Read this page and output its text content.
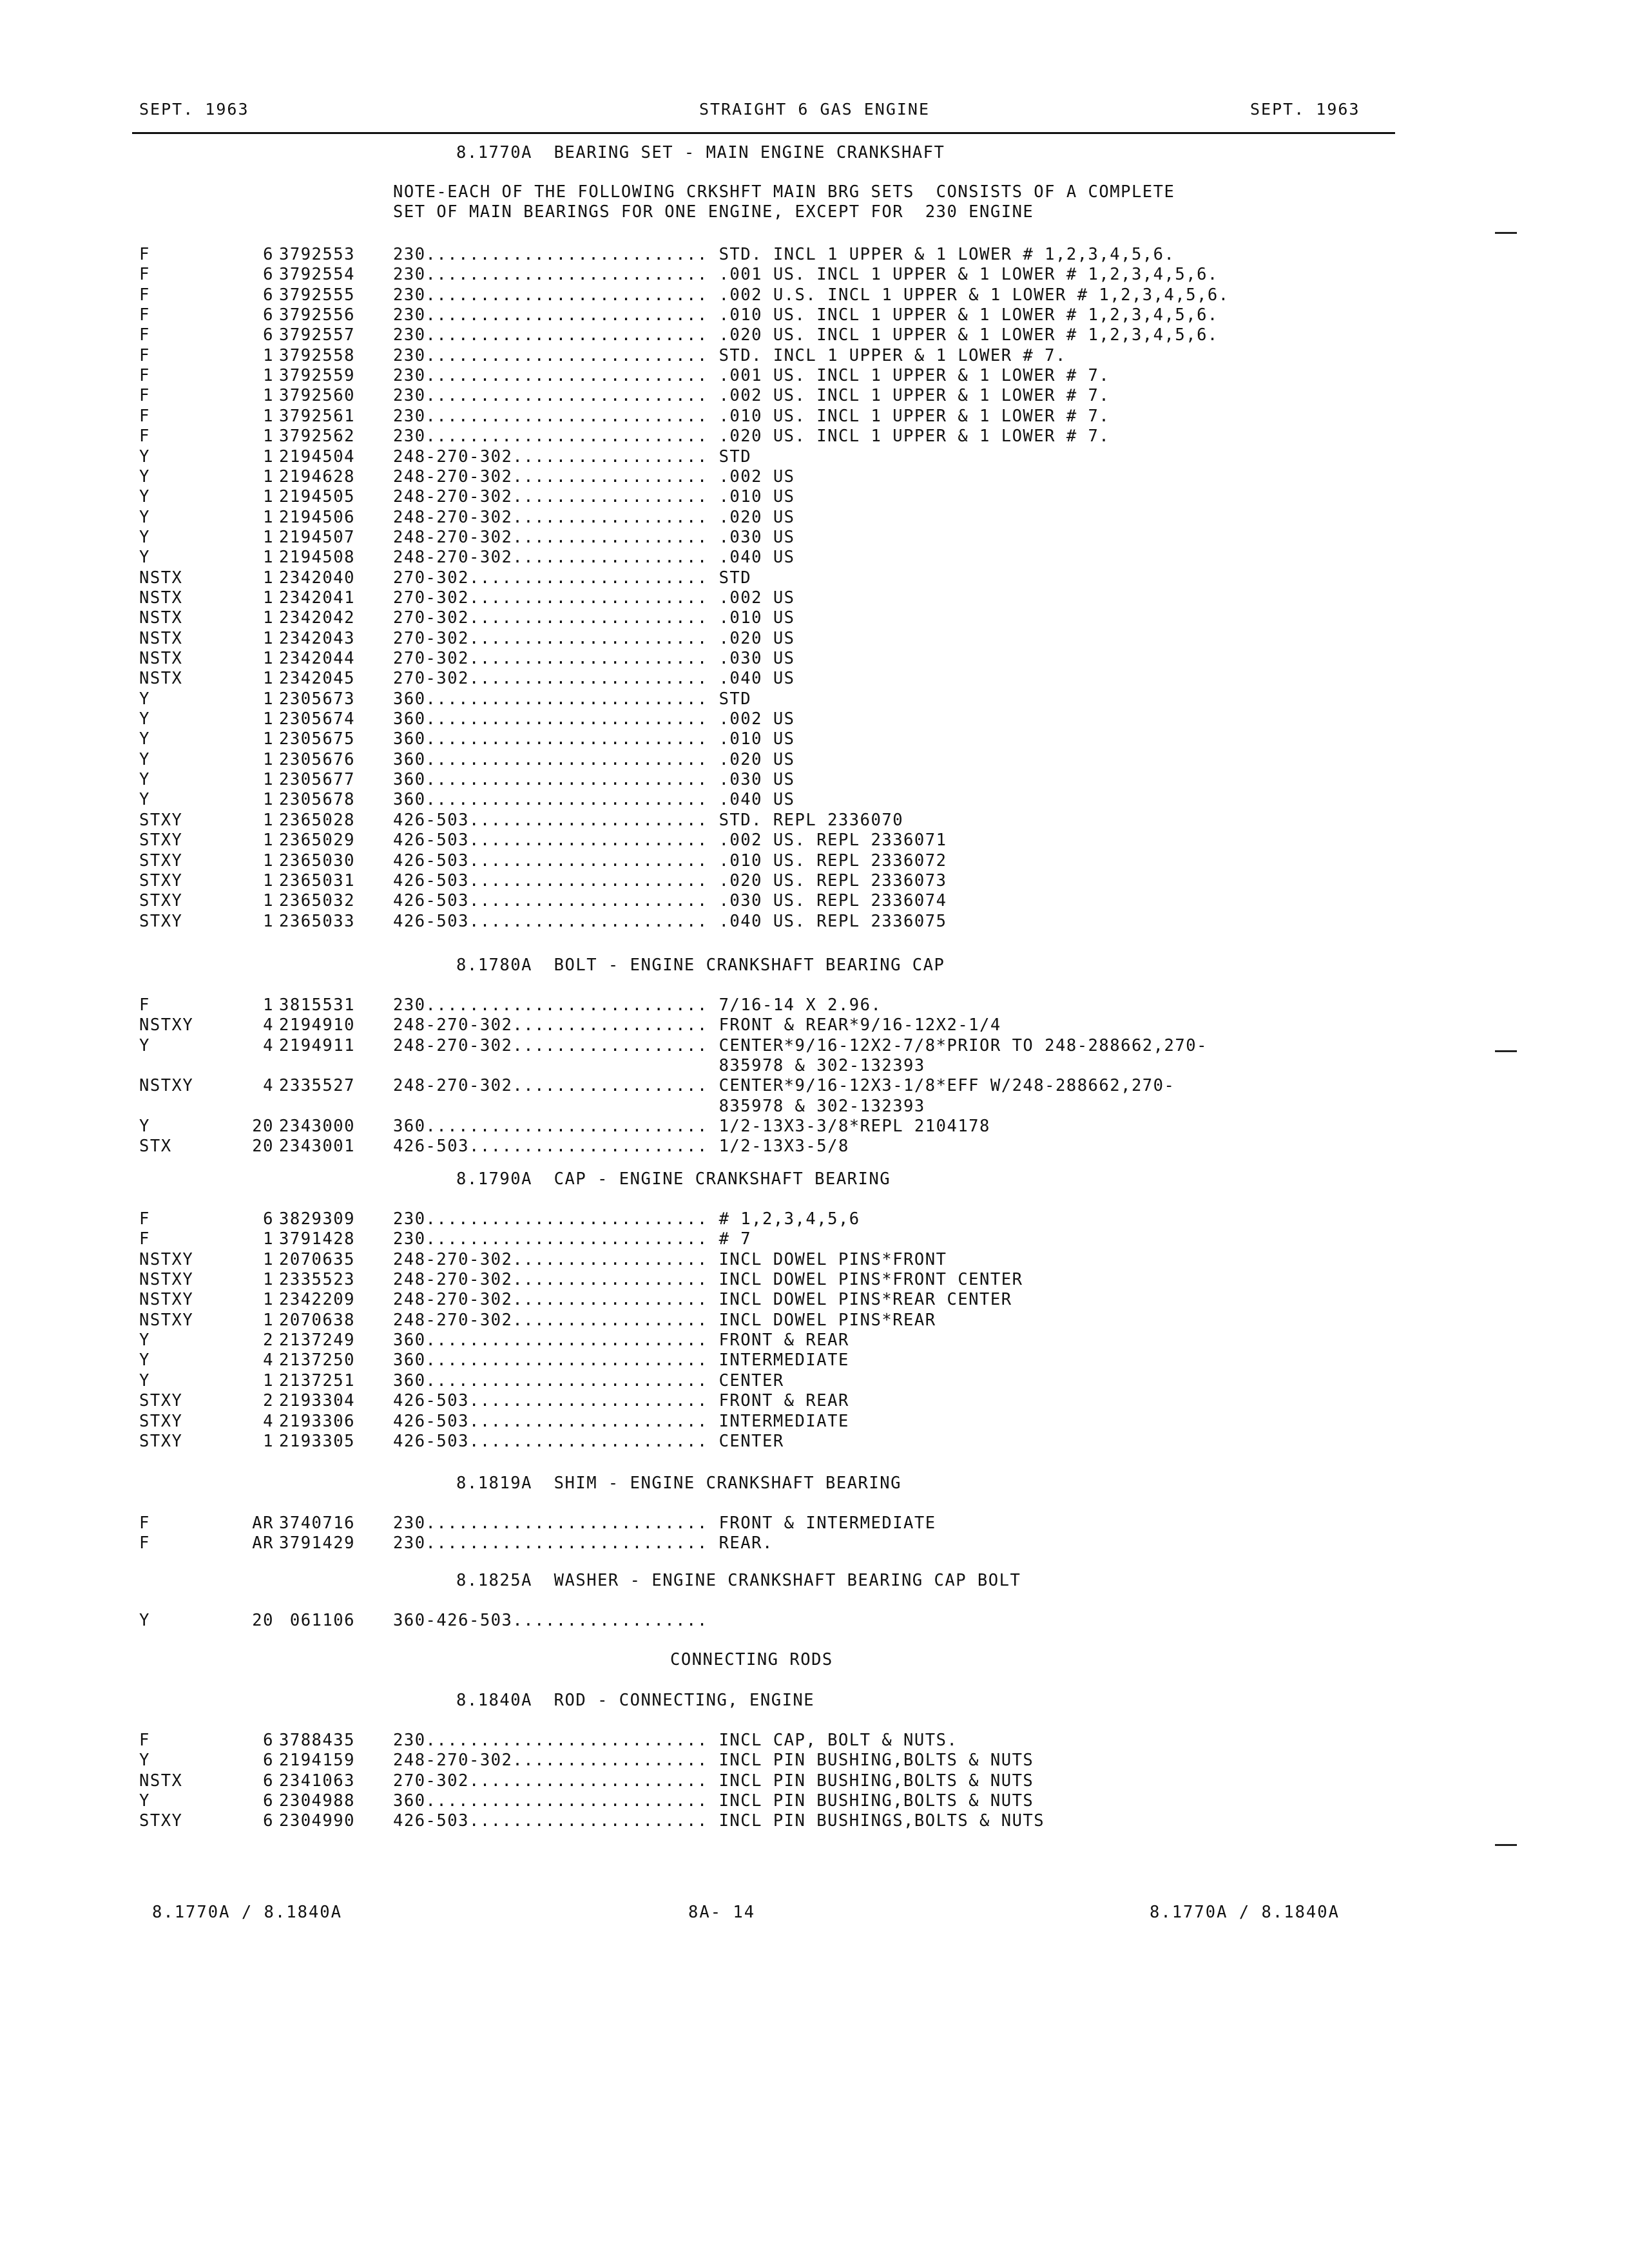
SEPT. 1963	STRAIGHT 6 GAS ENGINE	SEPT. 1963
8.1770A  BEARING SET - MAIN ENGINE CRANKSHAFT
NOTE-EACH OF THE FOLLOWING CRKSHFT MAIN BRG SETS  CONSISTS OF A COMPLETE
SET OF MAIN BEARINGS FOR ONE ENGINE, EXCEPT FOR  230 ENGINE
F	6 3792553 230.......................... STD. INCL 1 UPPER & 1 LOWER # 1,2,3,4,5,6.
F	6 3792554 230.......................... .001 US. INCL 1 UPPER & 1 LOWER # 1,2,3,4,5,6.
F	6 3792555 230.......................... .002 U.S. INCL 1 UPPER & 1 LOWER # 1,2,3,4,5,6.
F	6 3792556 230.......................... .010 US. INCL 1 UPPER & 1 LOWER # 1,2,3,4,5,6.
F	6 3792557 230.......................... .020 US. INCL 1 UPPER & 1 LOWER # 1,2,3,4,5,6.
F	1 3792558 230.......................... STD. INCL 1 UPPER & 1 LOWER # 7.
F	1 3792559 230.......................... .001 US. INCL 1 UPPER & 1 LOWER # 7.
F	1 3792560 230.......................... .002 US. INCL 1 UPPER & 1 LOWER # 7.
F	1 3792561 230.......................... .010 US. INCL 1 UPPER & 1 LOWER # 7.
F	1 3792562 230.......................... .020 US. INCL 1 UPPER & 1 LOWER # 7.
Y	1 2194504 248-270-302.................. STD
Y	1 2194628 248-270-302.................. .002 US
Y	1 2194505 248-270-302.................. .010 US
Y	1 2194506 248-270-302.................. .020 US
Y	1 2194507 248-270-302.................. .030 US
Y	1 2194508 248-270-302.................. .040 US
NSTX	1 2342040 270-302...................... STD
NSTX	1 2342041 270-302...................... .002 US
NSTX	1 2342042 270-302...................... .010 US
NSTX	1 2342043 270-302...................... .020 US
NSTX	1 2342044 270-302...................... .030 US
NSTX	1 2342045 270-302...................... .040 US
Y	1 2305673 360.......................... STD
Y	1 2305674 360.......................... .002 US
Y	1 2305675 360.......................... .010 US
Y	1 2305676 360.......................... .020 US
Y	1 2305677 360.......................... .030 US
Y	1 2305678 360.......................... .040 US
STXY	1 2365028 426-503...................... STD. REPL 2336070
STXY	1 2365029 426-503...................... .002 US. REPL 2336071
STXY	1 2365030 426-503...................... .010 US. REPL 2336072
STXY	1 2365031 426-503...................... .020 US. REPL 2336073
STXY	1 2365032 426-503...................... .030 US. REPL 2336074
STXY	1 2365033 426-503...................... .040 US. REPL 2336075
8.1780A  BOLT - ENGINE CRANKSHAFT BEARING CAP
F	1 3815531 230.......................... 7/16-14 X 2.96.
NSTXY	4 2194910 248-270-302.................. FRONT & REAR*9/16-12X2-1/4
Y	4 2194911 248-270-302.................. CENTER*9/16-12X2-7/8*PRIOR TO 248-288662,270-
835978 & 302-132393
NSTXY	4 2335527 248-270-302.................. CENTER*9/16-12X3-1/8*EFF W/248-288662,270-
835978 & 302-132393
Y	20 2343000 360.......................... 1/2-13X3-3/8*REPL 2104178
STX	20 2343001 426-503...................... 1/2-13X3-5/8
8.1790A  CAP - ENGINE CRANKSHAFT BEARING
F	6 3829309 230.......................... # 1,2,3,4,5,6
F	1 3791428 230.......................... # 7
NSTXY	1 2070635 248-270-302.................. INCL DOWEL PINS*FRONT
NSTXY	1 2335523 248-270-302.................. INCL DOWEL PINS*FRONT CENTER
NSTXY	1 2342209 248-270-302.................. INCL DOWEL PINS*REAR CENTER
NSTXY	1 2070638 248-270-302.................. INCL DOWEL PINS*REAR
Y	2 2137249 360.......................... FRONT & REAR
Y	4 2137250 360.......................... INTERMEDIATE
Y	1 2137251 360.......................... CENTER
STXY	2 2193304 426-503...................... FRONT & REAR
STXY	4 2193306 426-503...................... INTERMEDIATE
STXY	1 2193305 426-503...................... CENTER
8.1819A  SHIM - ENGINE CRANKSHAFT BEARING
F	AR 3740716 230.......................... FRONT & INTERMEDIATE
F	AR 3791429 230.......................... REAR.
8.1825A  WASHER - ENGINE CRANKSHAFT BEARING CAP BOLT
Y	20 061106 360-426-503..................
CONNECTING RODS
8.1840A  ROD - CONNECTING, ENGINE
F	6 3788435 230.......................... INCL CAP, BOLT & NUTS.
Y	6 2194159 248-270-302.................. INCL PIN BUSHING,BOLTS & NUTS
NSTX	6 2341063 270-302...................... INCL PIN BUSHING,BOLTS & NUTS
Y	6 2304988 360.......................... INCL PIN BUSHING,BOLTS & NUTS
STXY	6 2304990 426-503...................... INCL PIN BUSHINGS,BOLTS & NUTS
8.1770A / 8.1840A	8A- 14	8.1770A / 8.1840A
